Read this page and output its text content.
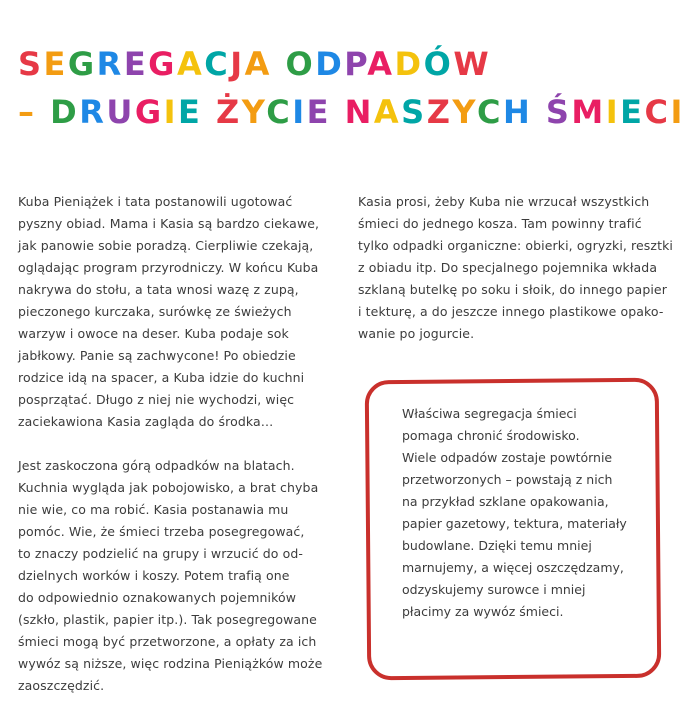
SEGREGACJA ODPADÓW
– DRUGIE ŻYCIE NASZYCH ŚMIECI

Kuba Pieniążek i tata postanowili ugotować
pyszny obiad. Mama i Kasia są bardzo ciekawe,
jak panowie sobie poradzą. Cierpliwie czekają,
oglądając program przyrodniczy. W końcu Kuba
nakrywa do stołu, a tata wnosi wazę z zupą,
pieczonego kurczaka, surówkę ze świeżych
warzyw i owoce na deser. Kuba podaje sok
jabłkowy. Panie są zachwycone! Po obiedzie
rodzice idą na spacer, a Kuba idzie do kuchni
posprzątać. Długo z niej nie wychodzi, więc
zaciekawiona Kasia zagląda do środka…

Jest zaskoczona górą odpadków na blatach.
Kuchnia wygląda jak pobojowisko, a brat chyba
nie wie, co ma robić. Kasia postanawia mu
pomóc. Wie, że śmieci trzeba posegregować,
to znaczy podzielić na grupy i wrzucić do od-
dzielnych worków i koszy. Potem trafią one
do odpowiednio oznakowanych pojemników
(szkło, plastik, papier itp.). Tak posegregowane
śmieci mogą być przetworzone, a opłaty za ich
wywóz są niższe, więc rodzina Pieniążków może
zaoszczędzić.

Kasia prosi, żeby Kuba nie wrzucał wszystkich
śmieci do jednego kosza. Tam powinny trafić
tylko odpadki organiczne: obierki, ogryzki, resztki
z obiadu itp. Do specjalnego pojemnika wkłada
szklaną butelkę po soku i słoik, do innego papier
i tekturę, a do jeszcze innego plastikowe opako-
wanie po jogurcie.

Właściwa segregacja śmieci
pomaga chronić środowisko.
Wiele odpadów zostaje powtórnie
przetworzonych – powstają z nich
na przykład szklane opakowania,
papier gazetowy, tektura, materiały
budowlane. Dzięki temu mniej
marnujemy, a więcej oszczędzamy,
odzyskujemy surowce i mniej
płacimy za wywóz śmieci.
